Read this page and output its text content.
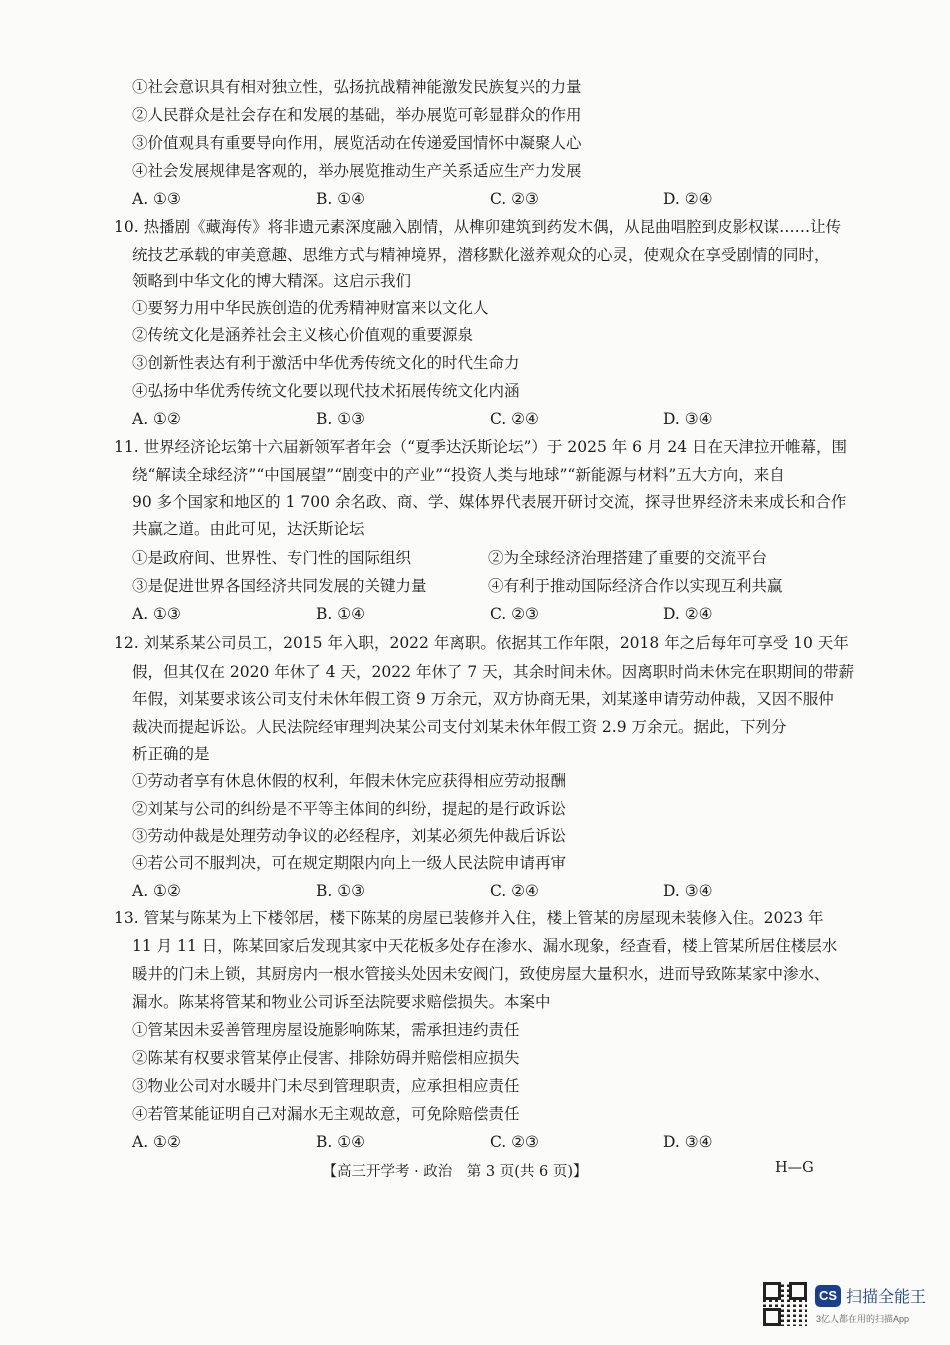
①社会意识具有相对独立性，弘扬抗战精神能激发民族复兴的力量
②人民群众是社会存在和发展的基础，举办展览可彰显群众的作用
③价值观具有重要导向作用，展览活动在传递爱国情怀中凝聚人心
④社会发展规律是客观的，举办展览推动生产关系适应生产力发展
A. ①③	B. ①④	C. ②③	D. ②④
10. 热播剧《藏海传》将非遗元素深度融入剧情，从榫卯建筑到药发木偶，从昆曲唱腔到皮影权谋……让传
统技艺承载的审美意趣、思维方式与精神境界，潜移默化滋养观众的心灵，使观众在享受剧情的同时，
领略到中华文化的博大精深。这启示我们
①要努力用中华民族创造的优秀精神财富来以文化人
②传统文化是涵养社会主义核心价值观的重要源泉
③创新性表达有利于激活中华优秀传统文化的时代生命力
④弘扬中华优秀传统文化要以现代技术拓展传统文化内涵
A. ①②	B. ①③	C. ②④	D. ③④
11. 世界经济论坛第十六届新领军者年会（“夏季达沃斯论坛”）于 2025 年 6 月 24 日在天津拉开帷幕，围
绕“解读全球经济”“中国展望”“剧变中的产业”“投资人类与地球”“新能源与材料”五大方向，来自
90 多个国家和地区的 1 700 余名政、商、学、媒体界代表展开研讨交流，探寻世界经济未来成长和合作
共赢之道。由此可见，达沃斯论坛
①是政府间、世界性、专门性的国际组织	②为全球经济治理搭建了重要的交流平台
③是促进世界各国经济共同发展的关键力量	④有利于推动国际经济合作以实现互利共赢
A. ①③	B. ①④	C. ②③	D. ②④
12. 刘某系某公司员工，2015 年入职，2022 年离职。依据其工作年限，2018 年之后每年可享受 10 天年
假，但其仅在 2020 年休了 4 天，2022 年休了 7 天，其余时间未休。因离职时尚未休完在职期间的带薪
年假，刘某要求该公司支付未休年假工资 9 万余元，双方协商无果，刘某遂申请劳动仲裁，又因不服仲
裁决而提起诉讼。人民法院经审理判决某公司支付刘某未休年假工资 2.9 万余元。据此，下列分
析正确的是
①劳动者享有休息休假的权利，年假未休完应获得相应劳动报酬
②刘某与公司的纠纷是不平等主体间的纠纷，提起的是行政诉讼
③劳动仲裁是处理劳动争议的必经程序，刘某必须先仲裁后诉讼
④若公司不服判决，可在规定期限内向上一级人民法院申请再审
A. ①②	B. ①③	C. ②④	D. ③④
13. 管某与陈某为上下楼邻居，楼下陈某的房屋已装修并入住，楼上管某的房屋现未装修入住。2023 年
11 月 11 日，陈某回家后发现其家中天花板多处存在渗水、漏水现象，经查看，楼上管某所居住楼层水
暖井的门未上锁，其厨房内一根水管接头处因未安阀门，致使房屋大量积水，进而导致陈某家中渗水、
漏水。陈某将管某和物业公司诉至法院要求赔偿损失。本案中
①管某因未妥善管理房屋设施影响陈某，需承担违约责任
②陈某有权要求管某停止侵害、排除妨碍并赔偿相应损失
③物业公司对水暖井门未尽到管理职责，应承担相应责任
④若管某能证明自己对漏水无主观故意，可免除赔偿责任
A. ①②	B. ①④	C. ②③	D. ③④
【高三开学考 · 政治　第 3 页(共 6 页)】	H—G
CS 扫描全能王
3亿人都在用的扫描App
